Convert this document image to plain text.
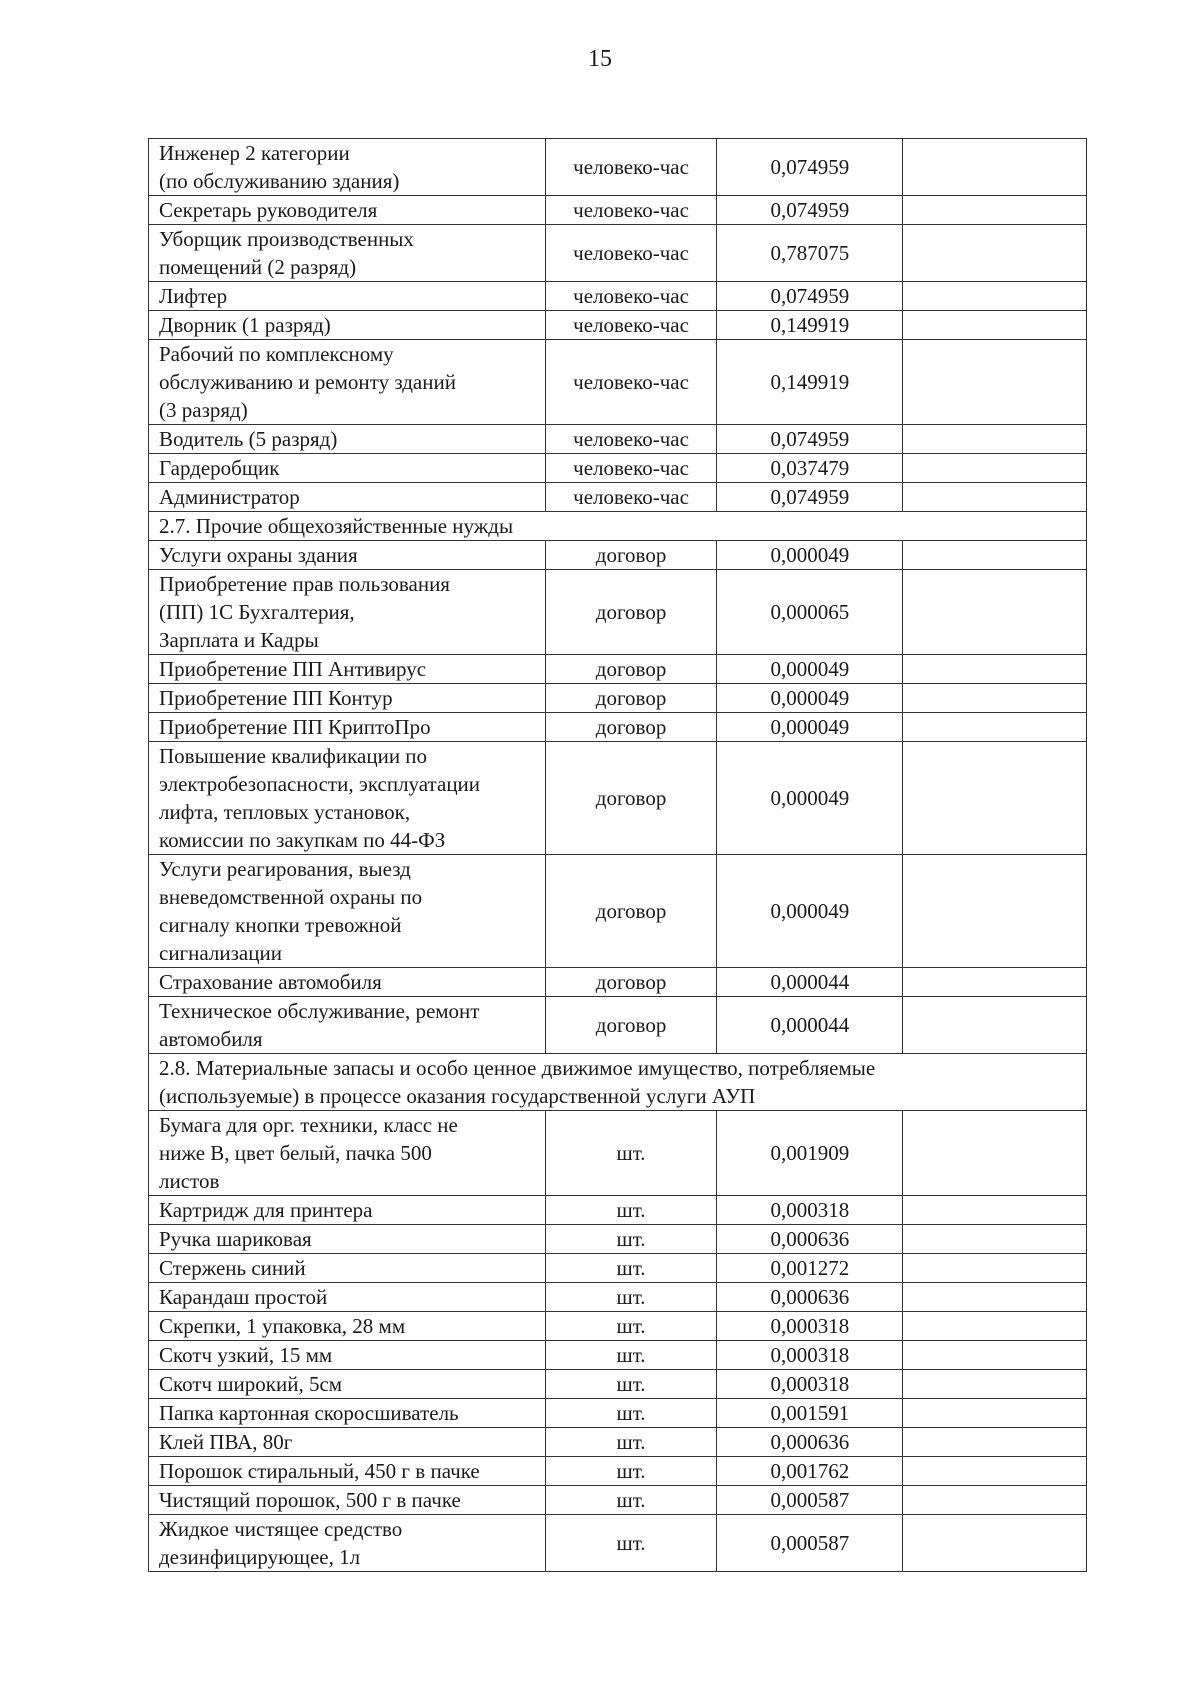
15
Инженер 2 категории
(по обслуживанию здания)	человеко-час	0,074959	
Секретарь руководителя	человеко-час	0,074959	
Уборщик производственных
помещений (2 разряд)	человеко-час	0,787075	
Лифтер	человеко-час	0,074959	
Дворник (1 разряд)	человеко-час	0,149919	
Рабочий по комплексному
обслуживанию и ремонту зданий
(3 разряд)	человеко-час	0,149919	
Водитель (5 разряд)	человеко-час	0,074959	
Гардеробщик	человеко-час	0,037479	
Администратор	человеко-час	0,074959	
2.7. Прочие общехозяйственные нужды			
Услуги охраны здания	договор	0,000049	
Приобретение прав пользования
(ПП) 1С Бухгалтерия,
Зарплата и Кадры	договор	0,000065	
Приобретение ПП Антивирус	договор	0,000049	
Приобретение ПП Контур	договор	0,000049	
Приобретение ПП КриптоПро	договор	0,000049	
Повышение квалификации по
электробезопасности, эксплуатации
лифта, тепловых установок,
комиссии по закупкам по 44-ФЗ	договор	0,000049	
Услуги реагирования, выезд
вневедомственной охраны по
сигналу кнопки тревожной
сигнализации	договор	0,000049	
Страхование автомобиля	договор	0,000044	
Техническое обслуживание, ремонт
автомобиля	договор	0,000044	
2.8. Материальные запасы и особо ценное движимое имущество, потребляемые
(используемые) в процессе оказания государственной услуги АУП			
Бумага для орг. техники, класс не
ниже В, цвет белый, пачка 500
листов	шт.	0,001909	
Картридж для принтера	шт.	0,000318	
Ручка шариковая	шт.	0,000636	
Стержень синий	шт.	0,001272	
Карандаш простой	шт.	0,000636	
Скрепки, 1 упаковка, 28 мм	шт.	0,000318	
Скотч узкий, 15 мм	шт.	0,000318	
Скотч широкий, 5см	шт.	0,000318	
Папка картонная скоросшиватель	шт.	0,001591	
Клей ПВА, 80г	шт.	0,000636	
Порошок стиральный, 450 г в пачке	шт.	0,001762	
Чистящий порошок, 500 г в пачке	шт.	0,000587	
Жидкое чистящее средство
дезинфицирующее, 1л	шт.	0,000587	
